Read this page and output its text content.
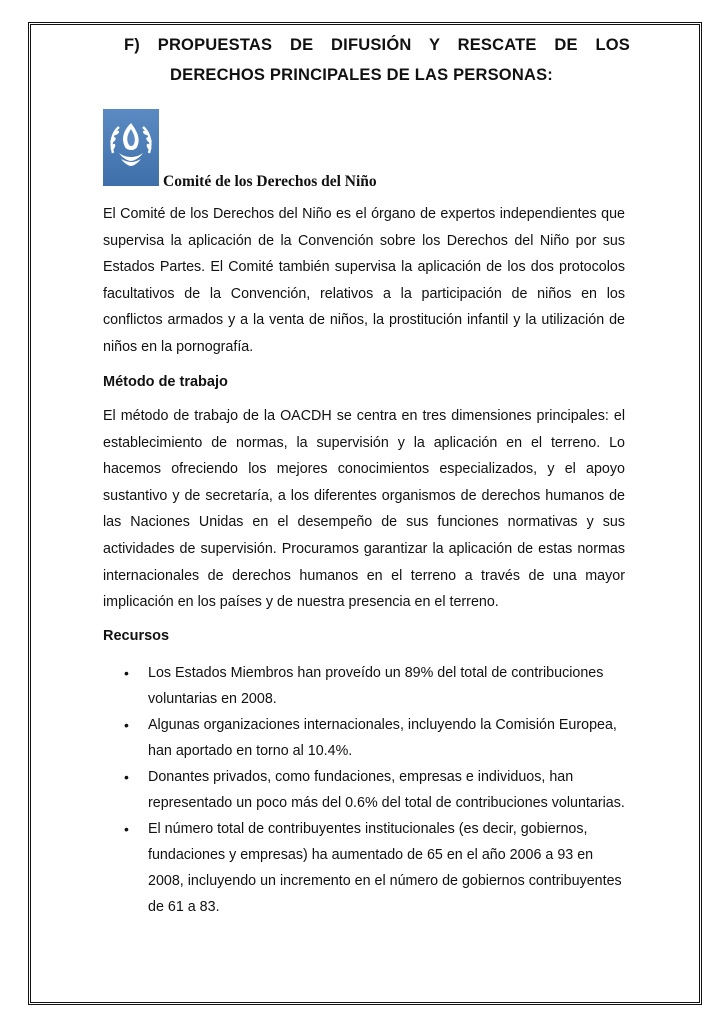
F) PROPUESTAS DE DIFUSIÓN Y RESCATE DE LOS
DERECHOS PRINCIPALES DE LAS PERSONAS:
Comité de los Derechos del Niño

El Comité de los Derechos del Niño es el órgano de expertos independientes que supervisa la aplicación de la Convención sobre los Derechos del Niño por sus Estados Partes. El Comité también supervisa la aplicación de los dos protocolos facultativos de la Convención, relativos a la participación de niños en los conflictos armados y a la venta de niños, la prostitución infantil y la utilización de niños en la pornografía.

Método de trabajo

El método de trabajo de la OACDH se centra en tres dimensiones principales: el establecimiento de normas, la supervisión y la aplicación en el terreno. Lo hacemos ofreciendo los mejores conocimientos especializados, y el apoyo sustantivo y de secretaría, a los diferentes organismos de derechos humanos de las Naciones Unidas en el desempeño de sus funciones normativas y sus actividades de supervisión. Procuramos garantizar la aplicación de estas normas internacionales de derechos humanos en el terreno a través de una mayor implicación en los países y de nuestra presencia en el terreno.

Recursos
• Los Estados Miembros han proveído un 89% del total de contribuciones voluntarias en 2008.
• Algunas organizaciones internacionales, incluyendo la Comisión Europea, han aportado en torno al 10.4%.
• Donantes privados, como fundaciones, empresas e individuos, han representado un poco más del 0.6% del total de contribuciones voluntarias.
• El número total de contribuyentes institucionales (es decir, gobiernos, fundaciones y empresas) ha aumentado de 65 en el año 2006 a 93 en 2008, incluyendo un incremento en el número de gobiernos contribuyentes de 61 a 83.
